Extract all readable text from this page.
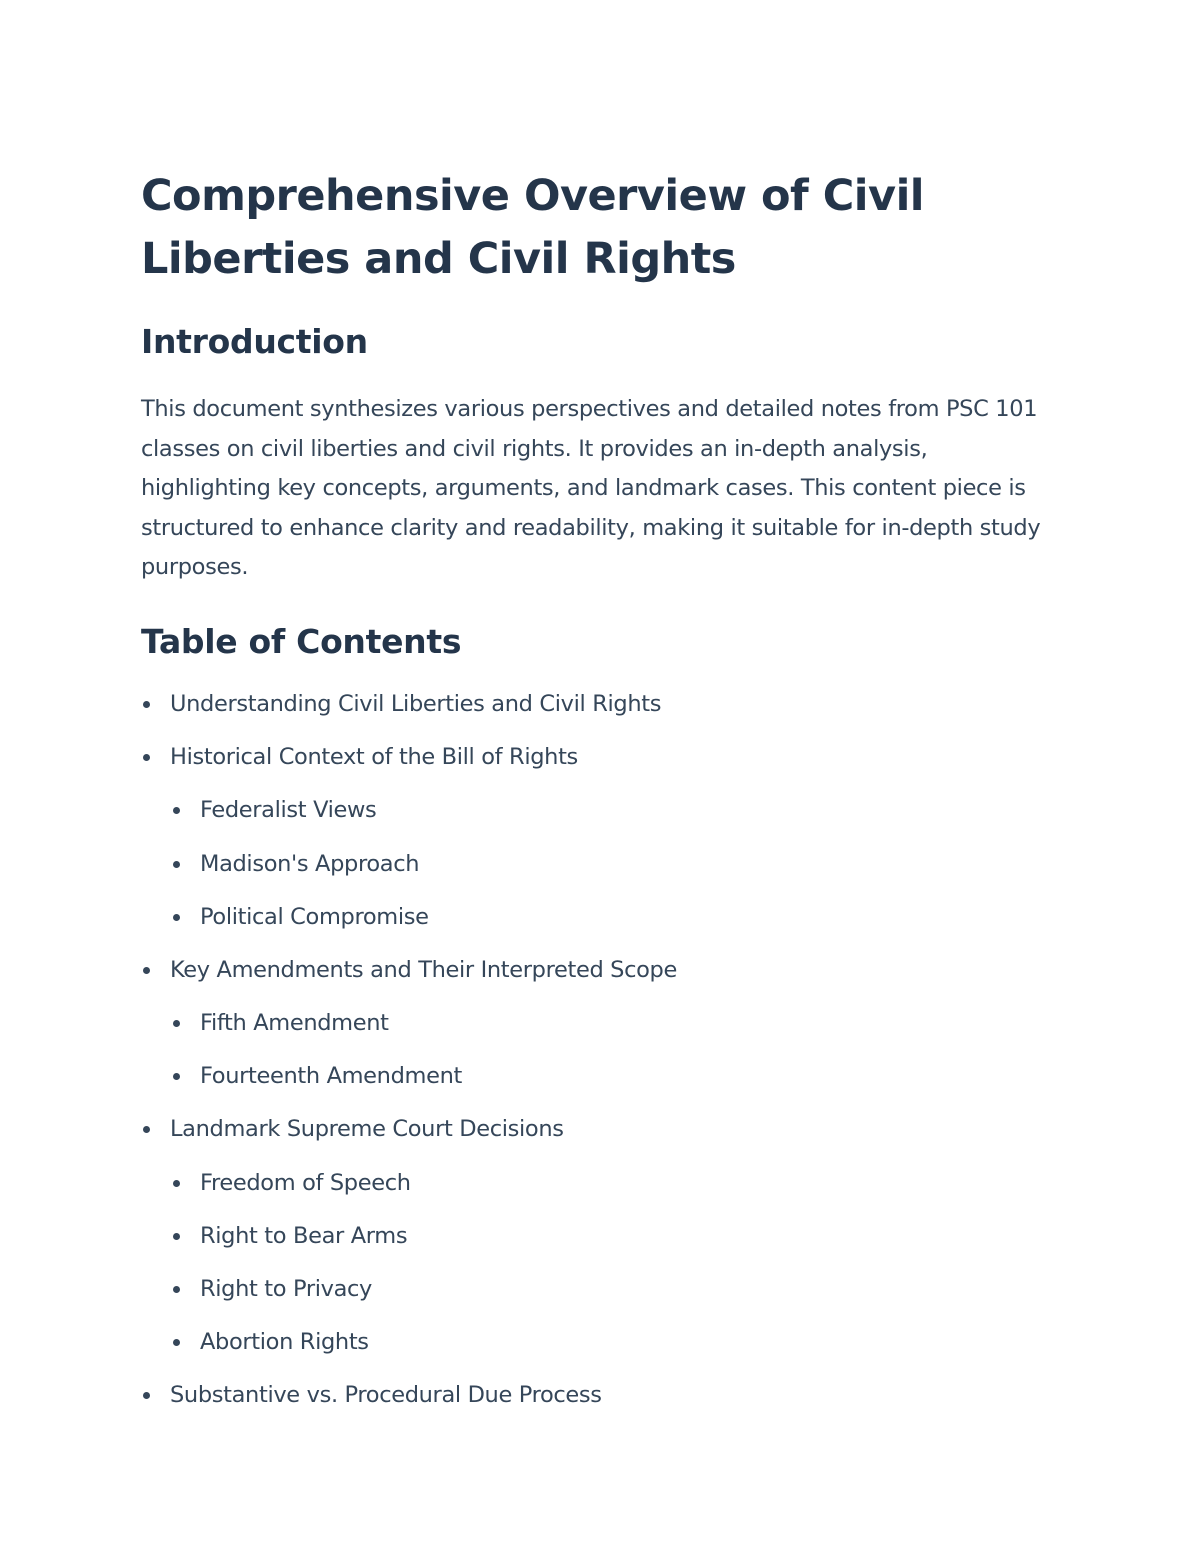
Comprehensive Overview of Civil Liberties and Civil Rights
Introduction

This document synthesizes various perspectives and detailed notes from PSC 101 classes on civil liberties and civil rights. It provides an in-depth analysis, highlighting key concepts, arguments, and landmark cases. This content piece is structured to enhance clarity and readability, making it suitable for in-depth study purposes.

Table of Contents
Understanding Civil Liberties and Civil Rights
Historical Context of the Bill of Rights
Federalist Views
Madison's Approach
Political Compromise
Key Amendments and Their Interpreted Scope
Fifth Amendment
Fourteenth Amendment
Landmark Supreme Court Decisions
Freedom of Speech
Right to Bear Arms
Right to Privacy
Abortion Rights
Substantive vs. Procedural Due Process
